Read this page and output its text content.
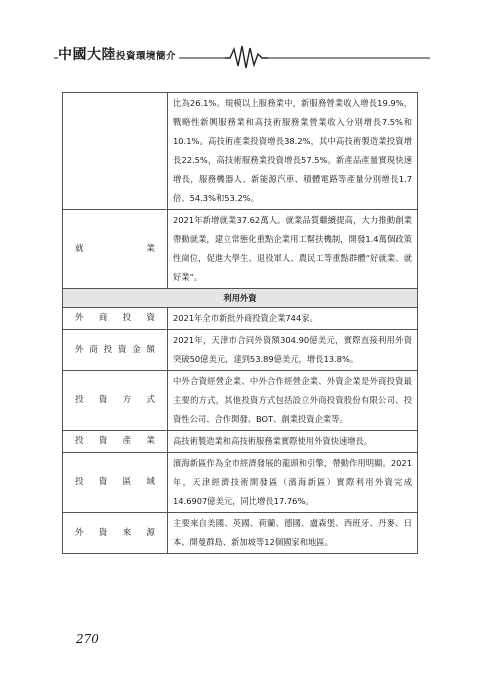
中國大陸投資環境簡介
	比為26.1%。規模以上服務業中，新服務營業收入增長19.9%，戰略性新興服務業和高技術服務業營業收入分別增長7.5%和10.1%。高技術產業投資增長38.2%，其中高技術製造業投資增長22.5%，高技術服務業投資增長57.5%。新產品產量實現快速增長，服務機器人、新能源汽車、積體電路等產量分別增長1.7倍、54.3%和53.2%。
就業	2021年新增就業37.62萬人。就業品質繼續提高，大力推動創業帶動就業，建立常態化重點企業用工幫扶機制，開發1.4萬個政策性崗位，促進大學生、退役軍人、農民工等重點群體“好就業、就好業”。
利用外資	
外商投資	2021年全市新批外商投資企業744家。
外商投資金額	2021年，天津市合同外資額304.90億美元，實際直接利用外資突破50億美元，達到53.89億美元，增長13.8%。
投資方式	中外合資經營企業、中外合作經營企業、外資企業是外商投資最主要的方式，其他投資方式包括設立外商投資股份有限公司、投資性公司、合作開發、BOT、創業投資企業等。
投資產業	高技術製造業和高技術服務業實際使用外資快速增長。
投資區域	濱海新區作為全市經濟發展的龍頭和引擎，帶動作用明顯。2021年，天津經濟技術開發區（濱海新區）實際利用外資完成14.6907億美元，同比增長17.76%。
外資來源	主要來自美國、英國、荷蘭、德國、盧森堡、西班牙、丹麥、日本、開曼群島、新加坡等12個國家和地區。
270
